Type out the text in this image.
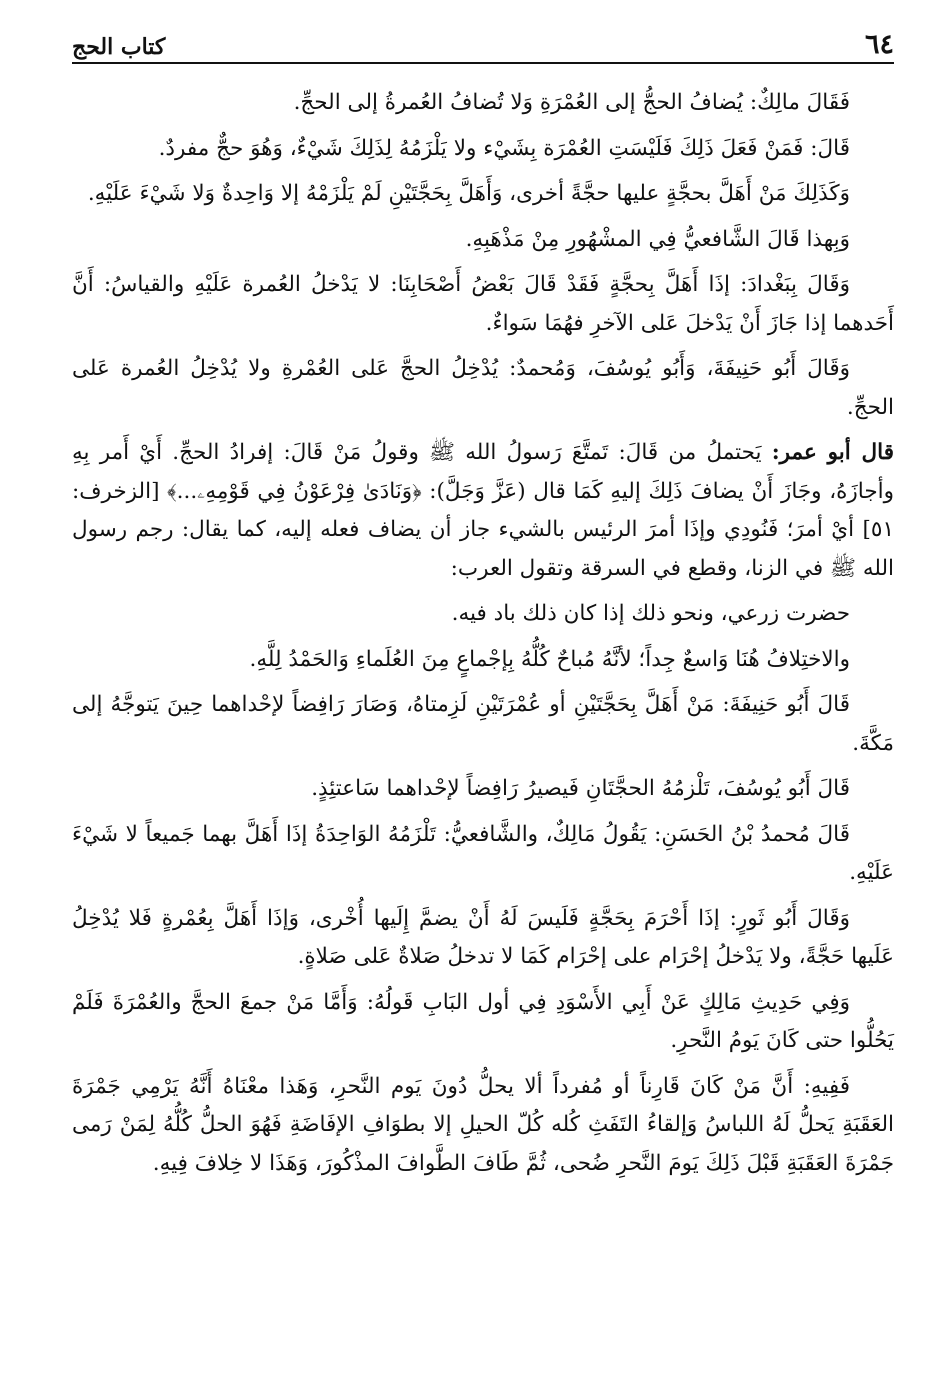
٦٤
كتاب الحج

فَقَالَ مالِكٌ: يُضافُ الحجُّ إلى العُمْرَةِ وَلا تُضافُ العُمرةُ إلى الحجِّ.

قَالَ: فَمَنْ فَعَلَ ذَلِكَ فَلَيْسَتِ العُمْرَة بِشَيْء ولا يَلْزَمُهُ لِذَلِكَ شَيْءٌ، وَهُوَ حجٌّ مفردٌ.

وَكَذَلِكَ مَنْ أَهَلَّ بحجَّةٍ عليها حجَّةً أخرى، وَأَهَلَّ بِحَجَّتَيْنِ لَمْ يَلْزَمْهُ إلا وَاحِدةٌ وَلا شَيْءَ عَلَيْهِ.

وَبِهذا قَالَ الشَّافعيُّ فِي المشْهُورِ مِنْ مَذْهَبِهِ.

وَقَالَ بِبَغْدادَ: إذَا أَهَلَّ بِحجَّةٍ فَقَدْ قَالَ بَعْضُ أَصْحَابِنَا: لا يَدْخلُ العُمرة عَلَيْهِ والقياسُ: أَنَّ أَحَدهما إذا جَازَ أَنْ يَدْخلَ عَلى الآخرِ فهُمَا سَواءٌ.

وَقَالَ أَبُو حَنِيفَةَ، وَأَبُو يُوسُفَ، وَمُحمدٌ: يُدْخِلُ الحجَّ عَلى العُمْرةِ ولا يُدْخِلُ العُمرة عَلى الحجِّ.

قال أبو عمر: يَحتملُ من قَالَ: تَمتَّعَ رَسولُ الله ﷺ وقولُ مَنْ قَالَ: إفرادُ الحجِّ. أَيْ أَمر بِهِ وأجازَهُ، وجَازَ أَنْ يضافَ ذَلِكَ إليهِ كَمَا قال (عَزَّ وَجَلَّ): ﴿وَنَادَىٰ فِرْعَوْنُ فِي قَوْمِهِۦ...﴾ [الزخرف: ٥١] أيْ أمرَ؛ فَنُودِي وإذَا أمرَ الرئيس بالشيء جاز أن يضاف فعله إليه، كما يقال: رجم رسول الله ﷺ في الزنا، وقطع في السرقة وتقول العرب:

حضرت زرعي، ونحو ذلك إذا كان ذلك باد فيه.

والاختِلافُ هُنَا وَاسعٌ جِداً؛ لأنَّهُ مُباحٌ كُلُّهُ بِإجْماعٍ مِنَ العُلَماءِ وَالحَمْدُ لِلَّهِ.

قَالَ أَبُو حَنِيفَةَ: مَنْ أَهَلَّ بِحَجَّتَيْنِ أو عُمْرَتَيْنِ لَزِمتاهُ، وَصَارَ رَافِضاً لإحْداهما حِينَ يَتوجَّهُ إلى مَكَّةَ.

قَالَ أَبُو يُوسُفَ، تَلْزمُهُ الحجَّتَانِ فَيصيرُ رَافِضاً لإحْداهما سَاعتئِذٍ.

قَالَ مُحمدُ بْنُ الحَسَنِ: يَقُولُ مَالِكٌ، والشَّافعيُّ: تَلْزَمُهُ الوَاحِدَةُ إذَا أَهَلَّ بهما جَميعاً لا شَيْءَ عَلَيْهِ.

وَقَالَ أَبُو ثَورٍ: إذَا أَحْرَمَ بِحَجَّةٍ فَلَيسَ لَهُ أَنْ يضمَّ إِلَيها أُخْرى، وَإذَا أَهَلَّ بِعُمْرةٍ فَلا يُدْخِلُ عَلَيها حَجَّةً، ولا يَدْخلُ إحْرَام على إحْرَام كَمَا لا تدخلُ صَلاةٌ عَلى صَلاةٍ.

وَفِي حَدِيثِ مَالِكٍ عَنْ أَبِي الأَسْوَدِ فِي أول البَابِ قَولُهُ: وَأَمَّا مَنْ جمعَ الحجَّ والعُمْرَةَ فَلَمْ يَحُلُّوا حتى كَانَ يَومُ النَّحرِ.

فَفِيهِ: أَنَّ مَنْ كَانَ قَارِناً أو مُفرداً ألا يحلُّ دُونَ يَوم النَّحرِ، وَهَذا معْنَاهُ أَنَّهُ يَرْمِي جَمْرَةَ العَقَبَةِ يَحلُّ لَهُ اللباسُ وَإلقاءُ التَفَثِ كُله كُلّ الحيلِ إلا بطوَافِ الإفَاضَةِ فَهُوَ الحلُّ كُلُّهُ لِمَنْ رَمى جَمْرَةَ العَقَبَةِ قَبْلَ ذَلِكَ يَومَ النَّحرِ ضُحى، ثُمَّ طَافَ الطَّوافَ المذْكُورَ، وَهَذَا لا خِلافَ فِيهِ.
